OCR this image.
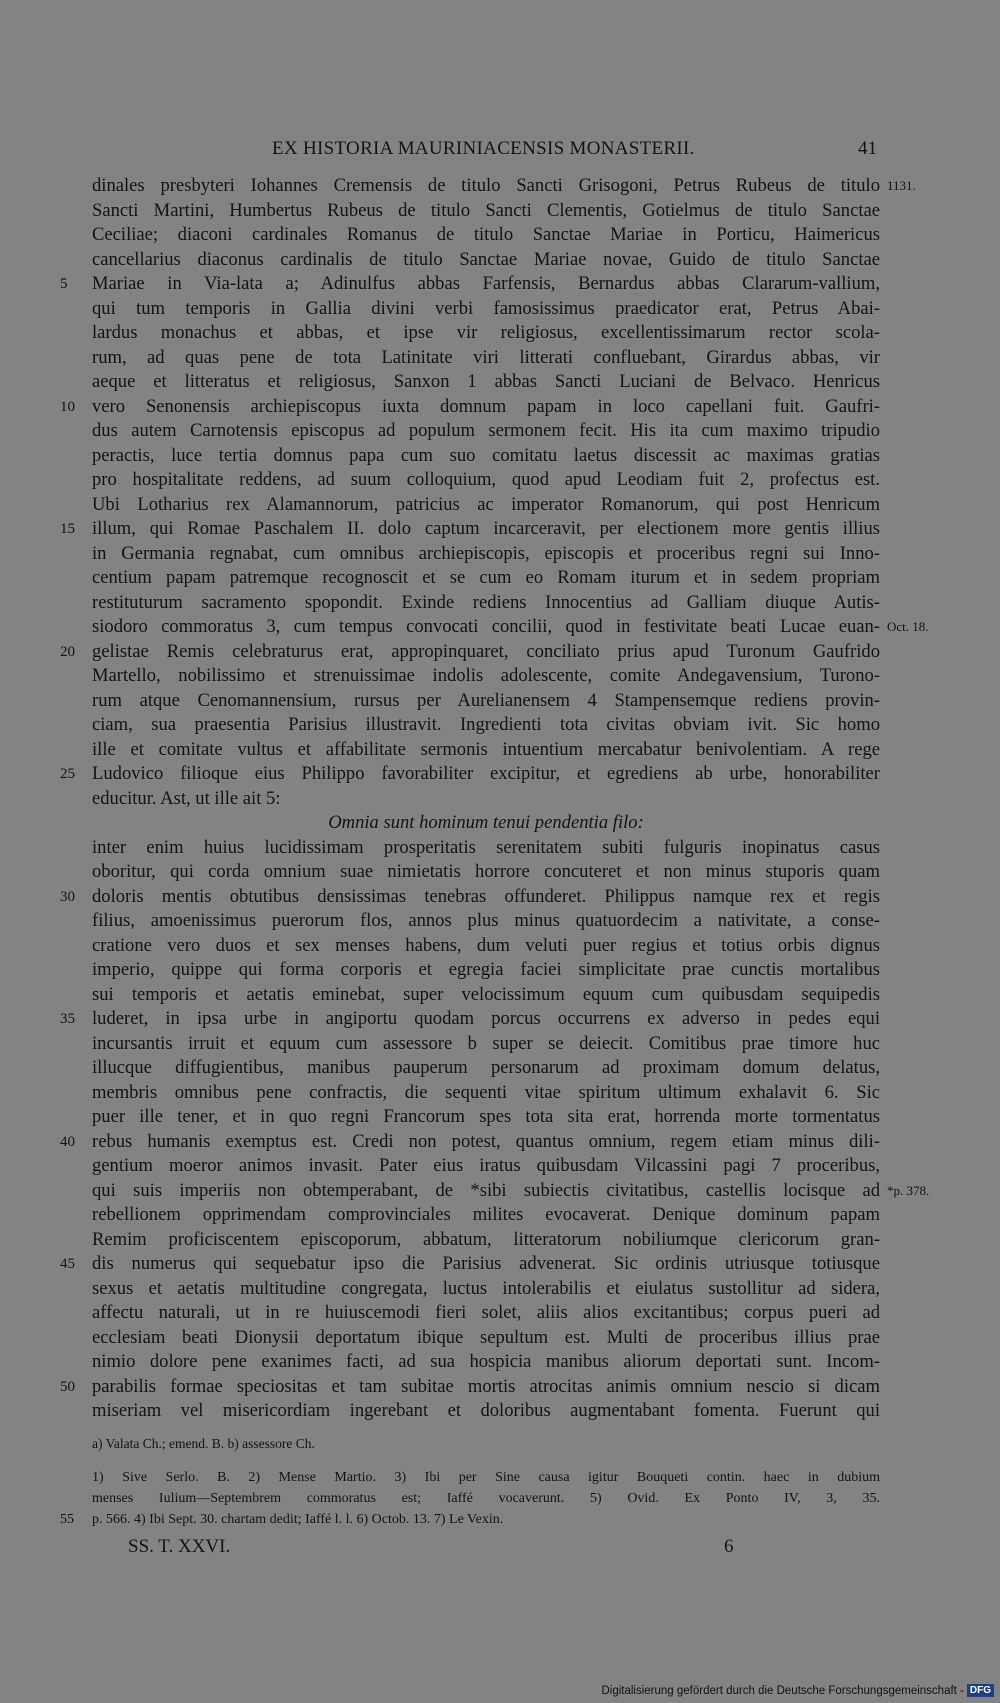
EX HISTORIA MAURINIACENSIS MONASTERII.	41
dinales presbyteri Iohannes Cremensis de titulo Sancti Grisogoni, Petrus Rubeus de titulo 1131.
Sancti Martini, Humbertus Rubeus de titulo Sancti Clementis, Gotielmus de titulo Sanctae
Ceciliae; diaconi cardinales Romanus de titulo Sanctae Mariae in Porticu, Haimericus
cancellarius diaconus cardinalis de titulo Sanctae Mariae novae, Guido de titulo Sanctae
5	Mariae in Via-lata a; Adinulfus abbas Farfensis, Bernardus abbas Clararum-vallium,
qui tum temporis in Gallia divini verbi famosissimus praedicator erat, Petrus Abai-
lardus monachus et abbas, et ipse vir religiosus, excellentissimarum rector scola-
rum, ad quas pene de tota Latinitate viri litterati confluebant, Girardus abbas, vir
aeque et litteratus et religiosus, Sanxon 1 abbas Sancti Luciani de Belvaco. Henricus
10 vero Senonensis archiepiscopus iuxta domnum papam in loco capellani fuit. Gaufri-
dus autem Carnotensis episcopus ad populum sermonem fecit. His ita cum maximo tripudio
peractis, luce tertia domnus papa cum suo comitatu laetus discessit ac maximas gratias
pro hospitalitate reddens, ad suum colloquium, quod apud Leodiam fuit 2, profectus est.
Ubi Lotharius rex Alamannorum, patricius ac imperator Romanorum, qui post Henricum
15 illum, qui Romae Paschalem II. dolo captum incarceravit, per electionem more gentis illius
in Germania regnabat, cum omnibus archiepiscopis, episcopis et proceribus regni sui Inno-
centium papam patremque recognoscit et se cum eo Romam iturum et in sedem propriam
restituturum sacramento spopondit. Exinde rediens Innocentius ad Galliam diuque Autis-
siodoro commoratus 3, cum tempus convocati concilii, quod in festivitate beati Lucae euan- Oct. 18.
20 gelistae Remis celebraturus erat, appropinquaret, conciliato prius apud Turonum Gaufrido
Martello, nobilissimo et strenuissimae indolis adolescente, comite Andegavensium, Turono-
rum atque Cenomannensium, rursus per Aurelianensem 4 Stampensemque rediens provin-
ciam, sua praesentia Parisius illustravit. Ingredienti tota civitas obviam ivit. Sic homo
ille et comitate vultus et affabilitate sermonis intuentium mercabatur benivolentiam. A rege
25 Ludovico filioque eius Philippo favorabiliter excipitur, et egrediens ab urbe, honorabiliter
educitur. Ast, ut ille ait 5:
Omnia sunt hominum tenui pendentia filo:
inter enim huius lucidissimam prosperitatis serenitatem subiti fulguris inopinatus casus
oboritur, qui corda omnium suae nimietatis horrore concuteret et non minus stuporis quam
30 doloris mentis obtutibus densissimas tenebras offunderet. Philippus namque rex et regis
filius, amoenissimus puerorum flos, annos plus minus quatuordecim a nativitate, a conse-
cratione vero duos et sex menses habens, dum veluti puer regius et totius orbis dignus
imperio, quippe qui forma corporis et egregia faciei simplicitate prae cunctis mortalibus
sui temporis et aetatis eminebat, super velocissimum equum cum quibusdam sequipedis
35 luderet, in ipsa urbe in angiportu quodam porcus occurrens ex adverso in pedes equi
incursantis irruit et equum cum assessore b super se deiecit. Comitibus prae timore huc
illucque diffugientibus, manibus pauperum personarum ad proximam domum delatus,
membris omnibus pene confractis, die sequenti vitae spiritum ultimum exhalavit 6. Sic
puer ille tener, et in quo regni Francorum spes tota sita erat, horrenda morte tormentatus
40 rebus humanis exemptus est. Credi non potest, quantus omnium, regem etiam minus dili-
gentium moeror animos invasit. Pater eius iratus quibusdam Vilcassini pagi 7 proceribus,
qui suis imperiis non obtemperabant, de *sibi subiectis civitatibus, castellis locisque ad *p. 378.
rebellionem opprimendam comprovinciales milites evocaverat. Denique dominum papam
Remim proficiscentem episcoporum, abbatum, litteratorum nobiliumque clericorum gran-
45 dis numerus qui sequebatur ipso die Parisius advenerat. Sic ordinis utriusque totiusque
sexus et aetatis multitudine congregata, luctus intolerabilis et eiulatus sustollitur ad sidera,
affectu naturali, ut in re huiuscemodi fieri solet, aliis alios excitantibus; corpus pueri ad
ecclesiam beati Dionysii deportatum ibique sepultum est. Multi de proceribus illius prae
nimio dolore pene exanimes facti, ad sua hospicia manibus aliorum deportati sunt. Incom-
50 parabilis formae speciositas et tam subitae mortis atrocitas animis omnium nescio si dicam
miseriam vel misericordiam ingerebant et doloribus augmentabant fomenta. Fuerunt qui
a) Valata Ch.; emend. B. b) assessore Ch.
1) Sive Serlo. B. 2) Mense Martio. 3) Ibi per Sine causa igitur Bouqueti contin. haec in dubium
menses Iulium—Septembrem commoratus est; Iaffé vocaverunt. 5) Ovid. Ex Ponto IV, 3, 35.
55 p. 566. 4) Ibi Sept. 30. chartam dedit; Iaffé l. l. 6) Octob. 13. 7) Le Vexin.
SS. T. XXVI.	6
Digitalisierung gefördert durch die Deutsche Forschungsgemeinschaft - DFG
